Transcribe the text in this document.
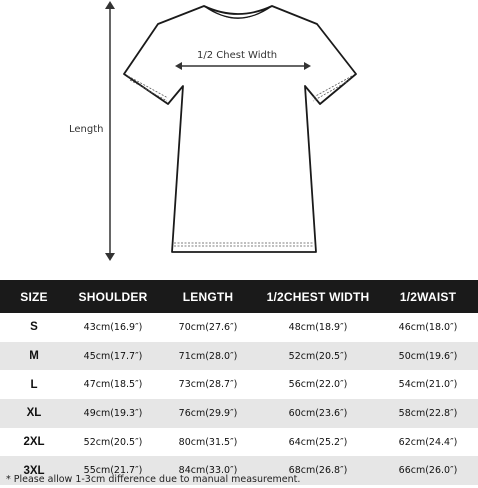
Length
1/2 Chest Width
SIZE	SHOULDER	LENGTH	1/2CHEST WIDTH	1/2WAIST
S	43cm(16.9″)	70cm(27.6″)	48cm(18.9″)	46cm(18.0″)
M	45cm(17.7″)	71cm(28.0″)	52cm(20.5″)	50cm(19.6″)
L	47cm(18.5″)	73cm(28.7″)	56cm(22.0″)	54cm(21.0″)
XL	49cm(19.3″)	76cm(29.9″)	60cm(23.6″)	58cm(22.8″)
2XL	52cm(20.5″)	80cm(31.5″)	64cm(25.2″)	62cm(24.4″)
3XL	55cm(21.7″)	84cm(33.0″)	68cm(26.8″)	66cm(26.0″)
* Please allow 1-3cm difference due to manual measurement.
